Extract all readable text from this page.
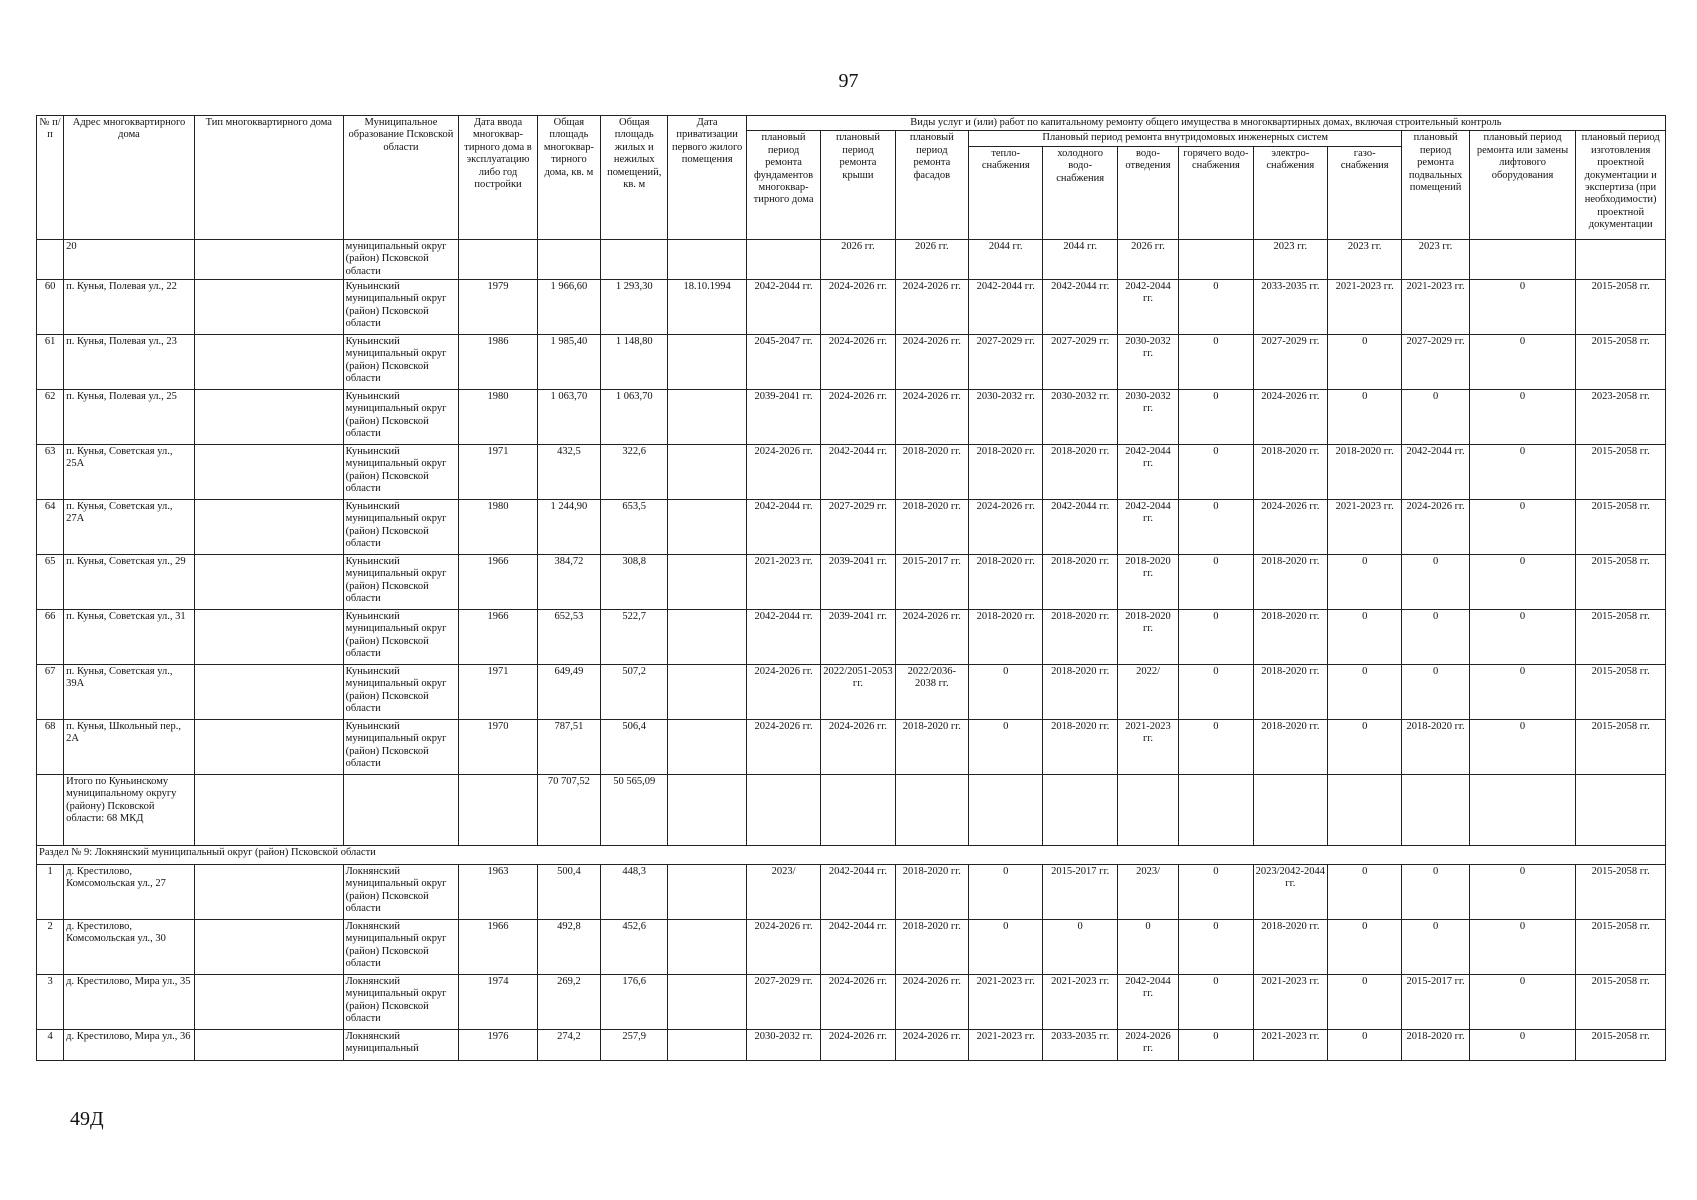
97
№ п/п	Адрес многоквартирного дома	Тип многоквартирного дома	Муниципальное образование Псковской области	Дата ввода многоквар-тирного дома в эксплуатацию либо год постройки	Общая площадь многоквар-тирного дома, кв. м	Общая площадь жилых и нежилых помещений, кв. м	Дата приватизации первого жилого помещения	Виды услуг и (или) работ по капитальному ремонту общего имущества в многоквартирных домах, включая строительный контроль											
								плановый период ремонта фундаментов многоквар-тирного дома	плановый период ремонта крыши	плановый период ремонта фасадов	Плановый период ремонта внутридомовых инженерных систем						плановый период ремонта подвальных помещений	плановый период ремонта или замены лифтового оборудования	плановый период изготовления проектной документации и экспертиза (при необходимости) проектной документации
											тепло-снабжения	холодного водо-снабжения	водо-отведения	горячего водо-снабжения	электро-снабжения	газо-снабжения			
	20		муниципальный округ (район) Псковской области						2026 гг.	2026 гг.	2044 гг.	2044 гг.	2026 гг.		2023 гг.	2023 гг.	2023 гг.		
60	п. Кунья, Полевая ул., 22		Куньинский муниципальный округ (район) Псковской области	1979	1 966,60	1 293,30	18.10.1994	2042-2044 гг.	2024-2026 гг.	2024-2026 гг.	2042-2044 гг.	2042-2044 гг.	2042-2044 гг.	0	2033-2035 гг.	2021-2023 гг.	2021-2023 гг.	0	2015-2058 гг.
61	п. Кунья, Полевая ул., 23		Куньинский муниципальный округ (район) Псковской области	1986	1 985,40	1 148,80		2045-2047 гг.	2024-2026 гг.	2024-2026 гг.	2027-2029 гг.	2027-2029 гг.	2030-2032 гг.	0	2027-2029 гг.	0	2027-2029 гг.	0	2015-2058 гг.
62	п. Кунья, Полевая ул., 25		Куньинский муниципальный округ (район) Псковской области	1980	1 063,70	1 063,70		2039-2041 гг.	2024-2026 гг.	2024-2026 гг.	2030-2032 гг.	2030-2032 гг.	2030-2032 гг.	0	2024-2026 гг.	0	0	0	2023-2058 гг.
63	п. Кунья, Советская ул., 25А		Куньинский муниципальный округ (район) Псковской области	1971	432,5	322,6		2024-2026 гг.	2042-2044 гг.	2018-2020 гг.	2018-2020 гг.	2018-2020 гг.	2042-2044 гг.	0	2018-2020 гг.	2018-2020 гг.	2042-2044 гг.	0	2015-2058 гг.
64	п. Кунья, Советская ул., 27А		Куньинский муниципальный округ (район) Псковской области	1980	1 244,90	653,5		2042-2044 гг.	2027-2029 гг.	2018-2020 гг.	2024-2026 гг.	2042-2044 гг.	2042-2044 гг.	0	2024-2026 гг.	2021-2023 гг.	2024-2026 гг.	0	2015-2058 гг.
65	п. Кунья, Советская ул., 29		Куньинский муниципальный округ (район) Псковской области	1966	384,72	308,8		2021-2023 гг.	2039-2041 гг.	2015-2017 гг.	2018-2020 гг.	2018-2020 гг.	2018-2020 гг.	0	2018-2020 гг.	0	0	0	2015-2058 гг.
66	п. Кунья, Советская ул., 31		Куньинский муниципальный округ (район) Псковской области	1966	652,53	522,7		2042-2044 гг.	2039-2041 гг.	2024-2026 гг.	2018-2020 гг.	2018-2020 гг.	2018-2020 гг.	0	2018-2020 гг.	0	0	0	2015-2058 гг.
67	п. Кунья, Советская ул., 39А		Куньинский муниципальный округ (район) Псковской области	1971	649,49	507,2		2024-2026 гг.	2022/2051-2053 гг.	2022/2036-2038 гг.	0	2018-2020 гг.	2022/	0	2018-2020 гг.	0	0	0	2015-2058 гг.
68	п. Кунья, Школьный пер., 2А		Куньинский муниципальный округ (район) Псковской области	1970	787,51	506,4		2024-2026 гг.	2024-2026 гг.	2018-2020 гг.	0	2018-2020 гг.	2021-2023 гг.	0	2018-2020 гг.	0	2018-2020 гг.	0	2015-2058 гг.
	Итого по Куньинскому муниципальному округу (району) Псковской области: 68 МКД				70 707,52	50 565,09													
Раздел № 9: Локнянский муниципальный округ (район) Псковской области																			
1	д. Крестилово, Комсомольская ул., 27		Локнянский муниципальный округ (район) Псковской области	1963	500,4	448,3		2023/	2042-2044 гг.	2018-2020 гг.	0	2015-2017 гг.	2023/	0	2023/2042-2044 гг.	0	0	0	2015-2058 гг.
2	д. Крестилово, Комсомольская ул., 30		Локнянский муниципальный округ (район) Псковской области	1966	492,8	452,6		2024-2026 гг.	2042-2044 гг.	2018-2020 гг.	0	0	0	0	2018-2020 гг.	0	0	0	2015-2058 гг.
3	д. Крестилово, Мира ул., 35		Локнянский муниципальный округ (район) Псковской области	1974	269,2	176,6		2027-2029 гг.	2024-2026 гг.	2024-2026 гг.	2021-2023 гг.	2021-2023 гг.	2042-2044 гг.	0	2021-2023 гг.	0	2015-2017 гг.	0	2015-2058 гг.
4	д. Крестилово, Мира ул., 36		Локнянский муниципальный	1976	274,2	257,9		2030-2032 гг.	2024-2026 гг.	2024-2026 гг.	2021-2023 гг.	2033-2035 гг.	2024-2026 гг.	0	2021-2023 гг.	0	2018-2020 гг.	0	2015-2058 гг.
49Д
